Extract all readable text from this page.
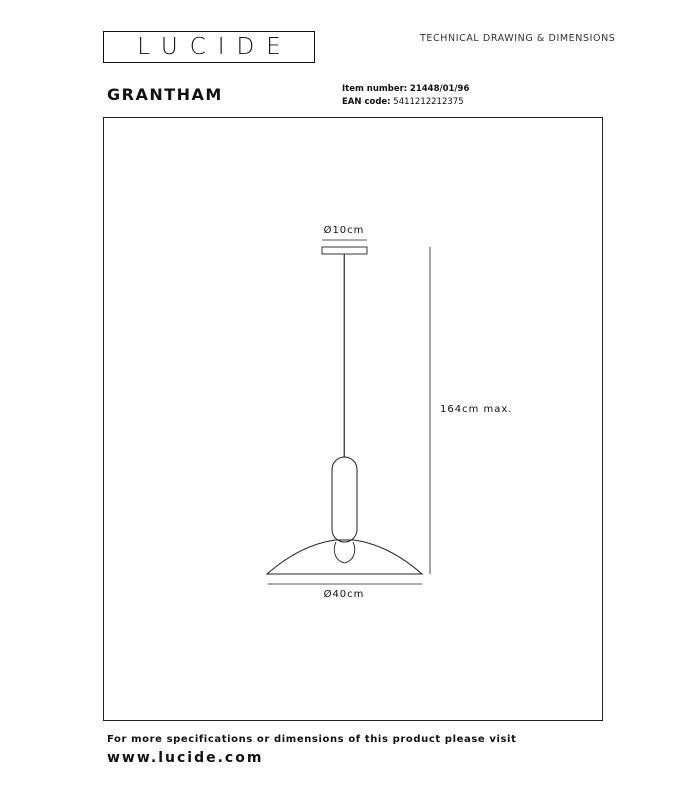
LUCIDE	TECHNICAL DRAWING & DIMENSIONS
GRANTHAM	Item number: 21448/01/96
EAN code: 5411212212375
Ø10cm
Ø40cm
164cm max.
For more specifications or dimensions of this product please visit
www.lucide.com
